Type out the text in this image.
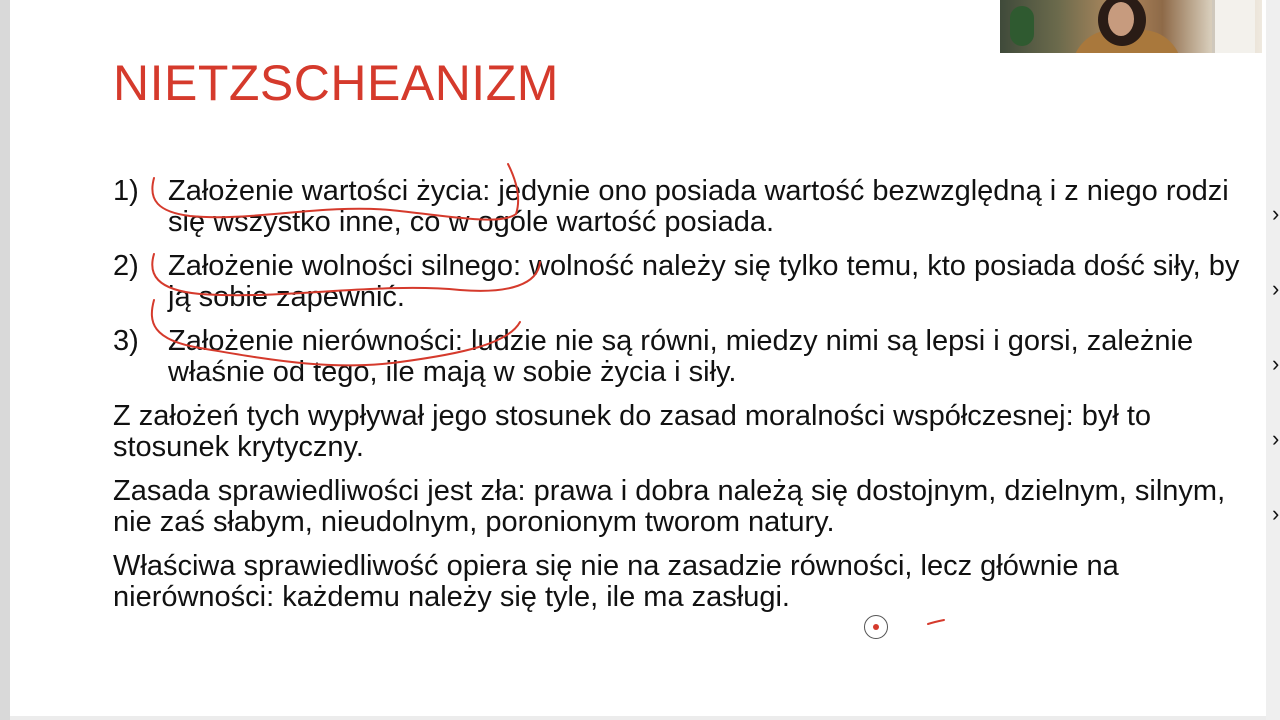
NIETZSCHEANIZM
1)	Założenie wartości życia: jedynie ono posiada wartość bezwzględną i z niego rodzi się wszystko inne, co w ogóle wartość posiada.
2)	Założenie wolności silnego: wolność należy się tylko temu, kto posiada dość siły, by ją sobie zapewnić.
3)	Założenie nierówności: ludzie nie są równi, miedzy nimi są lepsi i gorsi, zależnie właśnie od tego, ile mają w sobie życia i siły.

Z założeń tych wypływał jego stosunek do zasad moralności współczesnej: był to stosunek krytyczny.

Zasada sprawiedliwości jest zła: prawa i dobra należą się dostojnym, dzielnym, silnym, nie zaś słabym, nieudolnym, poronionym tworom natury.

Właściwa sprawiedliwość opiera się nie na zasadzie równości, lecz głównie na nierówności: każdemu należy się tyle, ile ma zasługi.

›
›
›
›
›
